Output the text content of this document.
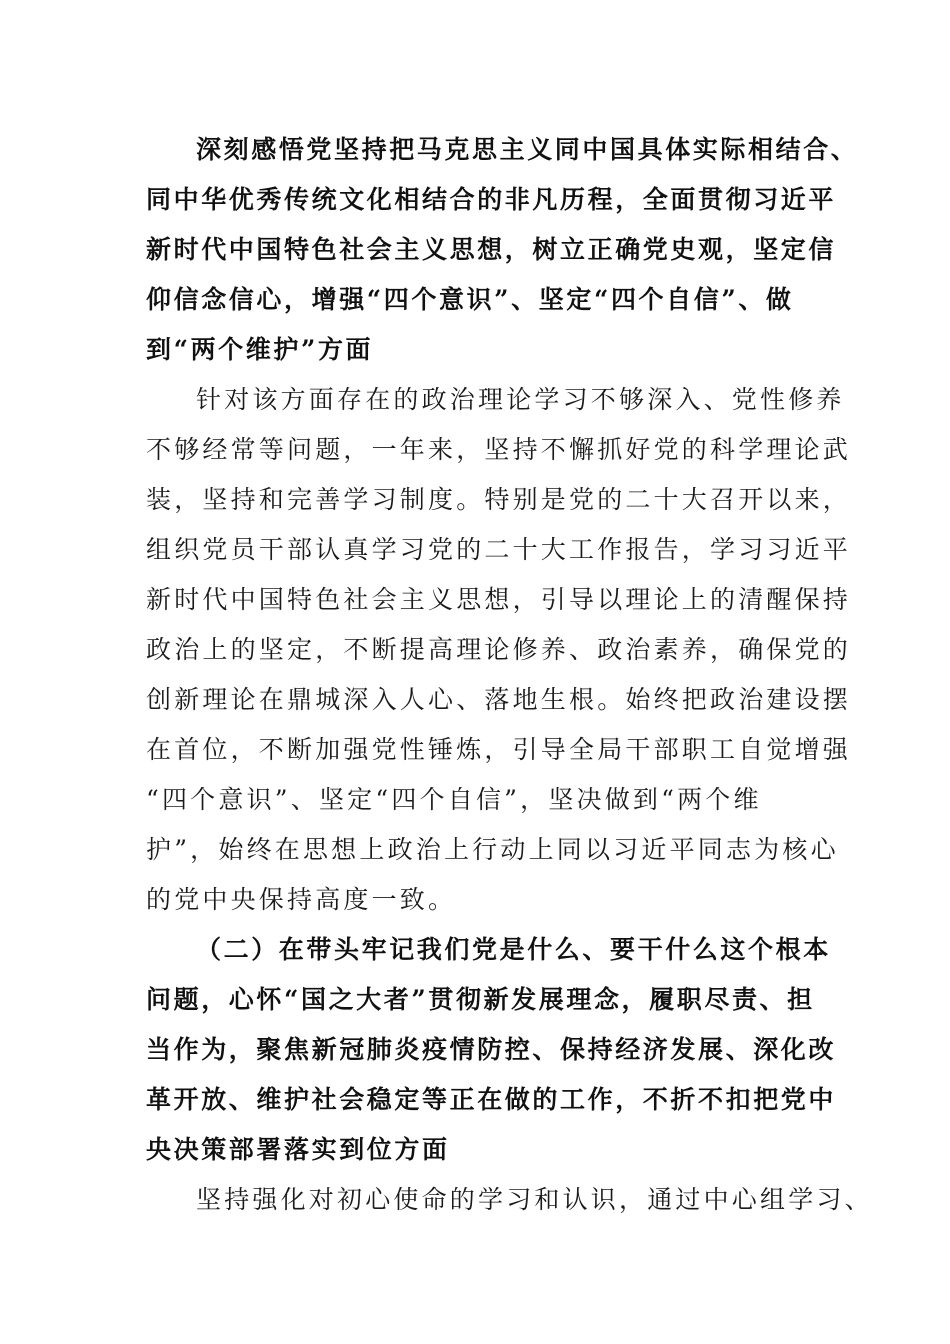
深刻感悟党坚持把马克思主义同中国具体实际相结合、
同中华优秀传统文化相结合的非凡历程，全面贯彻习近平
新时代中国特色社会主义思想，树立正确党史观，坚定信
仰信念信心，增强“四个意识”、坚定“四个自信”、做
到“两个维护”方面
针对该方面存在的政治理论学习不够深入、党性修养
不够经常等问题，一年来，坚持不懈抓好党的科学理论武
装，坚持和完善学习制度。特别是党的二十大召开以来，
组织党员干部认真学习党的二十大工作报告，学习习近平
新时代中国特色社会主义思想，引导以理论上的清醒保持
政治上的坚定，不断提高理论修养、政治素养，确保党的
创新理论在鼎城深入人心、落地生根。始终把政治建设摆
在首位，不断加强党性锤炼，引导全局干部职工自觉增强
“四个意识”、坚定“四个自信”，坚决做到“两个维
护”，始终在思想上政治上行动上同以习近平同志为核心
的党中央保持高度一致。
（二）在带头牢记我们党是什么、要干什么这个根本
问题，心怀“国之大者”贯彻新发展理念，履职尽责、担
当作为，聚焦新冠肺炎疫情防控、保持经济发展、深化改
革开放、维护社会稳定等正在做的工作，不折不扣把党中
央决策部署落实到位方面
坚持强化对初心使命的学习和认识，通过中心组学习、
